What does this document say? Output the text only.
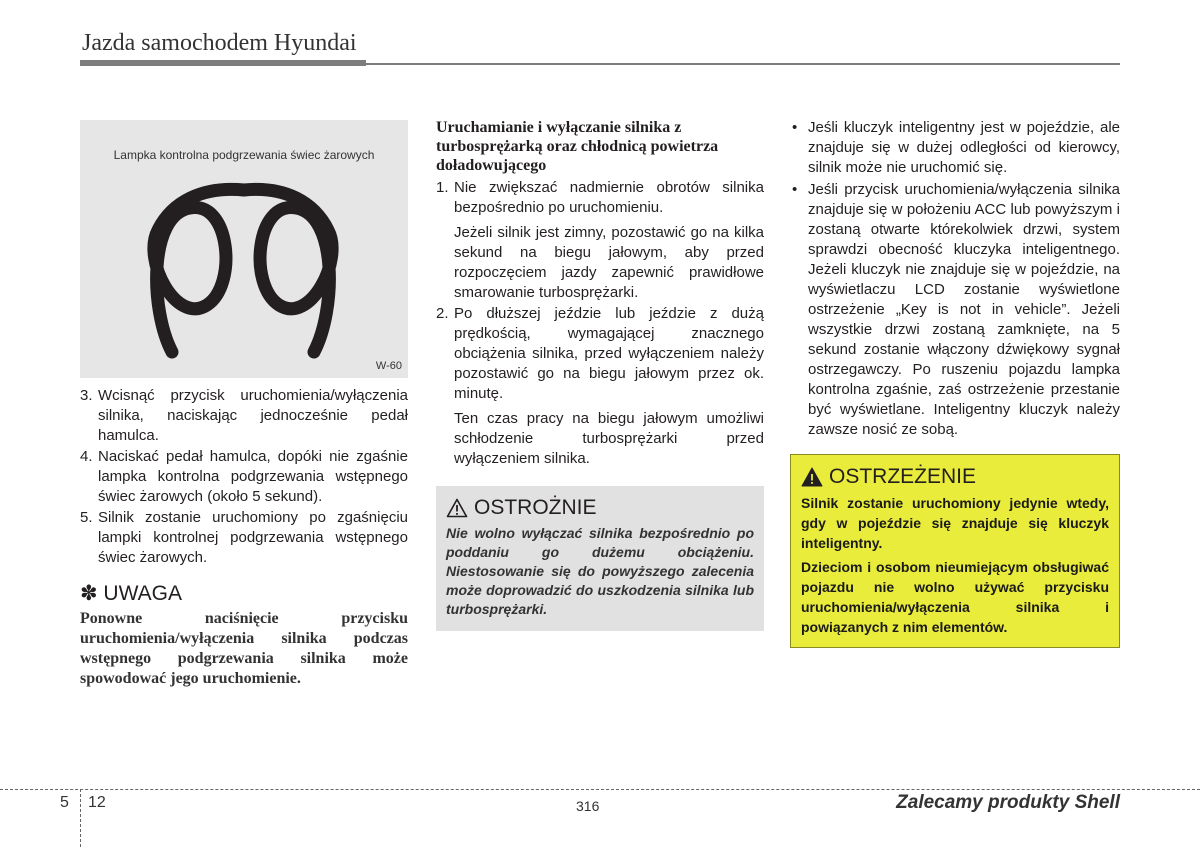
Jazda samochodem Hyundai
Lampka kontrolna podgrzewania świec żarowych
W-60
3. Wcisnąć przycisk uruchomienia/wyłączenia silnika, naciskając jednocześnie pedał hamulca.
4. Naciskać pedał hamulca, dopóki nie zgaśnie lampka kontrolna podgrzewania wstępnego świec żarowych (około 5 sekund).
5. Silnik zostanie uruchomiony po zgaśnięciu lampki kontrolnej podgrzewania wstępnego świec żarowych.
✽ UWAGA
Ponowne naciśnięcie przycisku uruchomienia/wyłączenia silnika podczas wstępnego podgrzewania silnika może spowodować jego uruchomienie.
Uruchamianie i wyłączanie silnika z turbosprężarką oraz chłodnicą powietrza doładowującego
1. Nie zwiększać nadmiernie obrotów silnika bezpośrednio po uruchomieniu.
Jeżeli silnik jest zimny, pozostawić go na kilka sekund na biegu jałowym, aby przed rozpoczęciem jazdy zapewnić prawidłowe smarowanie turbosprężarki.
2. Po dłuższej jeździe lub jeździe z dużą prędkością, wymagającej znacznego obciążenia silnika, przed wyłączeniem należy pozostawić go na biegu jałowym przez ok. minutę.
Ten czas pracy na biegu jałowym umożliwi schłodzenie turbosprężarki przed wyłączeniem silnika.
OSTROŻNIE
Nie wolno wyłączać silnika bezpośrednio po poddaniu go dużemu obciążeniu. Niestosowanie się do powyższego zalecenia może doprowadzić do uszkodzenia silnika lub turbosprężarki.
• Jeśli kluczyk inteligentny jest w pojeździe, ale znajduje się w dużej odległości od kierowcy, silnik może nie uruchomić się.
• Jeśli przycisk uruchomienia/wyłączenia silnika znajduje się w położeniu ACC lub powyższym i zostaną otwarte którekolwiek drzwi, system sprawdzi obecność kluczyka inteligentnego. Jeżeli kluczyk nie znajduje się w pojeździe, na wyświetlaczu LCD zostanie wyświetlone ostrzeżenie „Key is not in vehicle”. Jeżeli wszystkie drzwi zostaną zamknięte, na 5 sekund zostanie włączony dźwiękowy sygnał ostrzegawczy. Po ruszeniu pojazdu lampka kontrolna zgaśnie, zaś ostrzeżenie przestanie być wyświetlane. Inteligentny kluczyk należy zawsze nosić ze sobą.
OSTRZEŻENIE
Silnik zostanie uruchomiony jedynie wtedy, gdy w pojeździe się znajduje się kluczyk inteligentny.
Dzieciom i osobom nieumiejącym obsługiwać pojazdu nie wolno używać przycisku uruchomienia/wyłączenia silnika i powiązanych z nim elementów.
5 12	316	Zalecamy produkty Shell
